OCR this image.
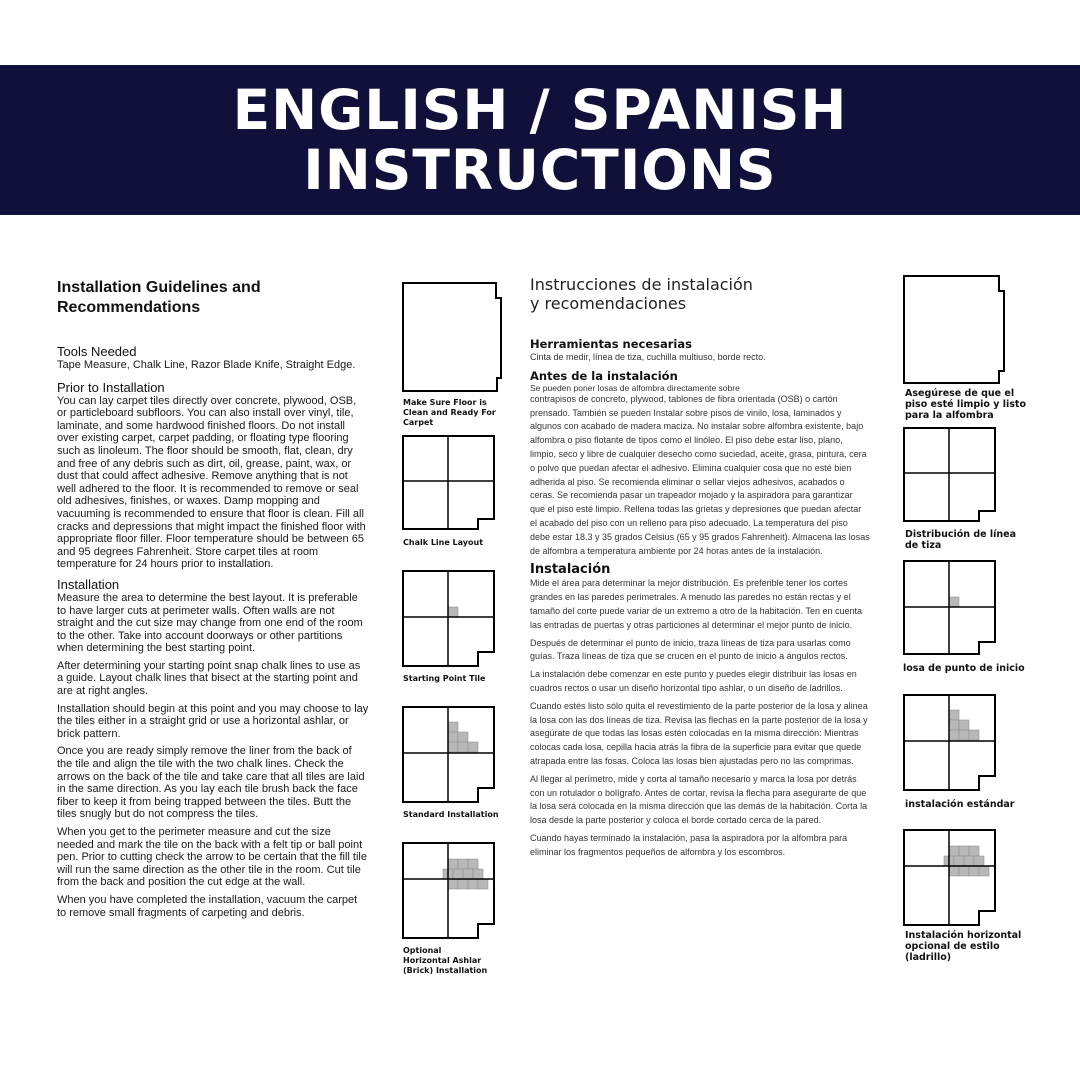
ENGLISH / SPANISH
INSTRUCTIONS
Installation Guidelines and
Recommendations
Tools Needed

Tape Measure, Chalk Line, Razor Blade Knife, Straight Edge.

Prior to Installation

You can lay carpet tiles directly over concrete, plywood, OSB, or particleboard subfloors. You can also install over vinyl, tile, laminate, and some hardwood finished floors. Do not install over existing carpet, carpet padding, or floating type flooring such as linoleum. The floor should be smooth, flat, clean, dry and free of any debris such as dirt, oil, grease, paint, wax, or dust that could affect adhesive. Remove anything that is not well adhered to the floor. It is recommended to remove or seal old adhesives, finishes, or waxes. Damp mopping and vacuuming is recommended to ensure that floor is clean. Fill all cracks and depressions that might impact the finished floor with appropriate floor filler. Floor temperature should be between 65 and 95 degrees Fahrenheit. Store carpet tiles at room temperature for 24 hours prior to installation.

Installation

Measure the area to determine the best layout. It is preferable to have larger cuts at perimeter walls. Often walls are not straight and the cut size may change from one end of the room to the other. Take into account doorways or other partitions when determining the best starting point.

After determining your starting point snap chalk lines to use as a guide. Layout chalk lines that bisect at the starting point and are at right angles.

Installation should begin at this point and you may choose to lay the tiles either in a straight grid or use a horizontal ashlar, or brick pattern.

Once you are ready simply remove the liner from the back of the tile and align the tile with the two chalk lines. Check the arrows on the back of the tile and take care that all tiles are laid in the same direction. As you lay each tile brush back the face fiber to keep it from being trapped between the tiles. Butt the tiles snugly but do not compress the tiles.

When you get to the perimeter measure and cut the size needed and mark the tile on the back with a felt tip or ball point pen. Prior to cutting check the arrow to be certain that the fill tile will run the same direction as the other tile in the room. Cut tile from the back and position the cut edge at the wall.

When you have completed the installation, vacuum the carpet to remove small fragments of carpeting and debris.

Make Sure Floor is Clean and Ready For Carpet
Chalk Line Layout
Starting Point Tile
Standard Installation
Optional Horizontal Ashlar (Brick) Installation
Instrucciones de instalación
y recomendaciones
Herramientas necesarias

Cinta de medir, línea de tiza, cuchilla multiuso, borde recto.

Antes de la instalación

Se pueden poner losas de alfombra directamente sobre

contrapisos de concreto, plywood, tablones de fibra orientada (OSB) o cartón prensado. También se pueden Instalar sobre pisos de vinilo, losa, laminados y algunos con acabado de madera maciza. No instalar sobre alfombra existente, bajo alfombra o piso flotante de tipos como el linóleo. El piso debe estar liso, plano, limpio, seco y libre de cualquier desecho como suciedad, aceite, grasa, pintura, cera o polvo que puedan afectar el adhesivo. Elimina cualquier cosa que no esté bien adherida al piso. Se recomienda eliminar o sellar viejos adhesivos, acabados o ceras. Se recomienda pasar un trapeador mojado y la aspiradora para garantizar que el piso esté limpio. Rellena todas las grietas y depresiones que puedan afectar el acabado del piso con un relleno para piso adecuado. La temperatura del piso debe estar 18.3 y 35 grados Celsius (65 y 95 grados Fahrenheit). Almacena las losas de alfombra a temperatura ambiente por 24 horas antes de la instalación.

Instalación

Mide el área para determinar la mejor distribución. Es preferible tener los cortes grandes en las paredes perimetrales. A menudo las paredes no están rectas y el tamaño del corte puede variar de un extremo a otro de la habitación. Ten en cuenta las entradas de puertas y otras particiones al determinar el mejor punto de inicio.

Después de determinar el punto de inicio, traza líneas de tiza para usarlas como guías. Traza líneas de tiza que se crucen en el punto de inicio a ángulos rectos.

La instalación debe comenzar en este punto y puedes elegir distribuir las losas en cuadros rectos o usar un diseño horizontal tipo ashlar, o un diseño de ladrillos.

Cuando estés listo sólo quita el revestimiento de la parte posterior de la losa y alinea la losa con las dos líneas de tiza. Revisa las flechas en la parte posterior de la losa y asegúrate de que todas las losas estén colocadas en la misma dirección: Mientras colocas cada losa, cepilla hacia atrás la fibra de la superficie para evitar que quede atrapada entre las fosas. Coloca las losas bien ajustadas pero no las comprimas.

Al llegar al perímetro, mide y corta al tamaño necesario y marca la losa por detrás con un rotulador o bolígrafo. Antes de cortar, revisa la flecha para asegurarte de que la losa será colocada en la misma dirección que las demás de la habitación. Corta la losa desde la parte posterior y coloca el borde cortado cerca de la pared.

Cuando hayas terminado la instalación, pasa la aspiradora por la alfombra para eliminar los fragmentos pequeños de alfombra y los escombros.

Asegúrese de que el piso esté limpio y listo para la alfombra
Distribución de línea de tiza
losa de punto de inicio
instalación estándar
Instalación horizontal opcional de estilo (ladrillo)
